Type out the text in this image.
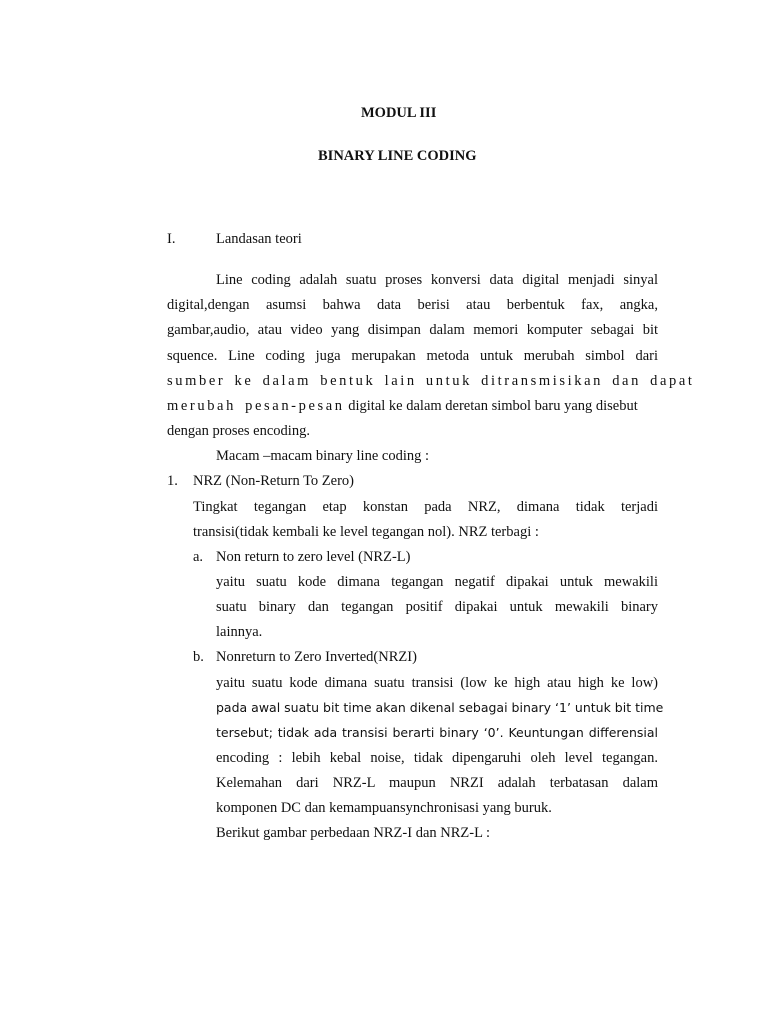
MODUL III
BINARY LINE CODING
I.	Landasan teori
Line coding adalah suatu proses konversi data digital menjadi sinyal
digital,dengan asumsi bahwa data berisi atau berbentuk fax, angka,
gambar,audio, atau video yang disimpan dalam memori komputer sebagai bit
squence. Line coding juga merupakan metoda untuk merubah simbol dari
sumber ke dalam bentuk lain untuk ditransmisikan dan dapat
merubah pesan-pesan digital ke dalam deretan simbol baru yang disebut
dengan proses encoding.
Macam –macam binary line coding :
1. NRZ (Non-Return To Zero)
Tingkat tegangan etap konstan pada NRZ, dimana tidak terjadi
transisi(tidak kembali ke level tegangan nol). NRZ terbagi :
a. Non return to zero level (NRZ-L)
yaitu suatu kode dimana tegangan negatif dipakai untuk mewakili
suatu binary dan tegangan positif dipakai untuk mewakili binary
lainnya.
b. Nonreturn to Zero Inverted(NRZI)
yaitu suatu kode dimana suatu transisi (low ke high atau high ke low)
pada awal suatu bit time akan dikenal sebagai binary ‘1’ untuk bit time
tersebut; tidak ada transisi berarti binary ‘0’. Keuntungan differensial
encoding : lebih kebal noise, tidak dipengaruhi oleh level tegangan.
Kelemahan dari NRZ-L maupun NRZI adalah terbatasan dalam
komponen DC dan kemampuansynchronisasi yang buruk.
Berikut gambar perbedaan NRZ-I dan NRZ-L :
